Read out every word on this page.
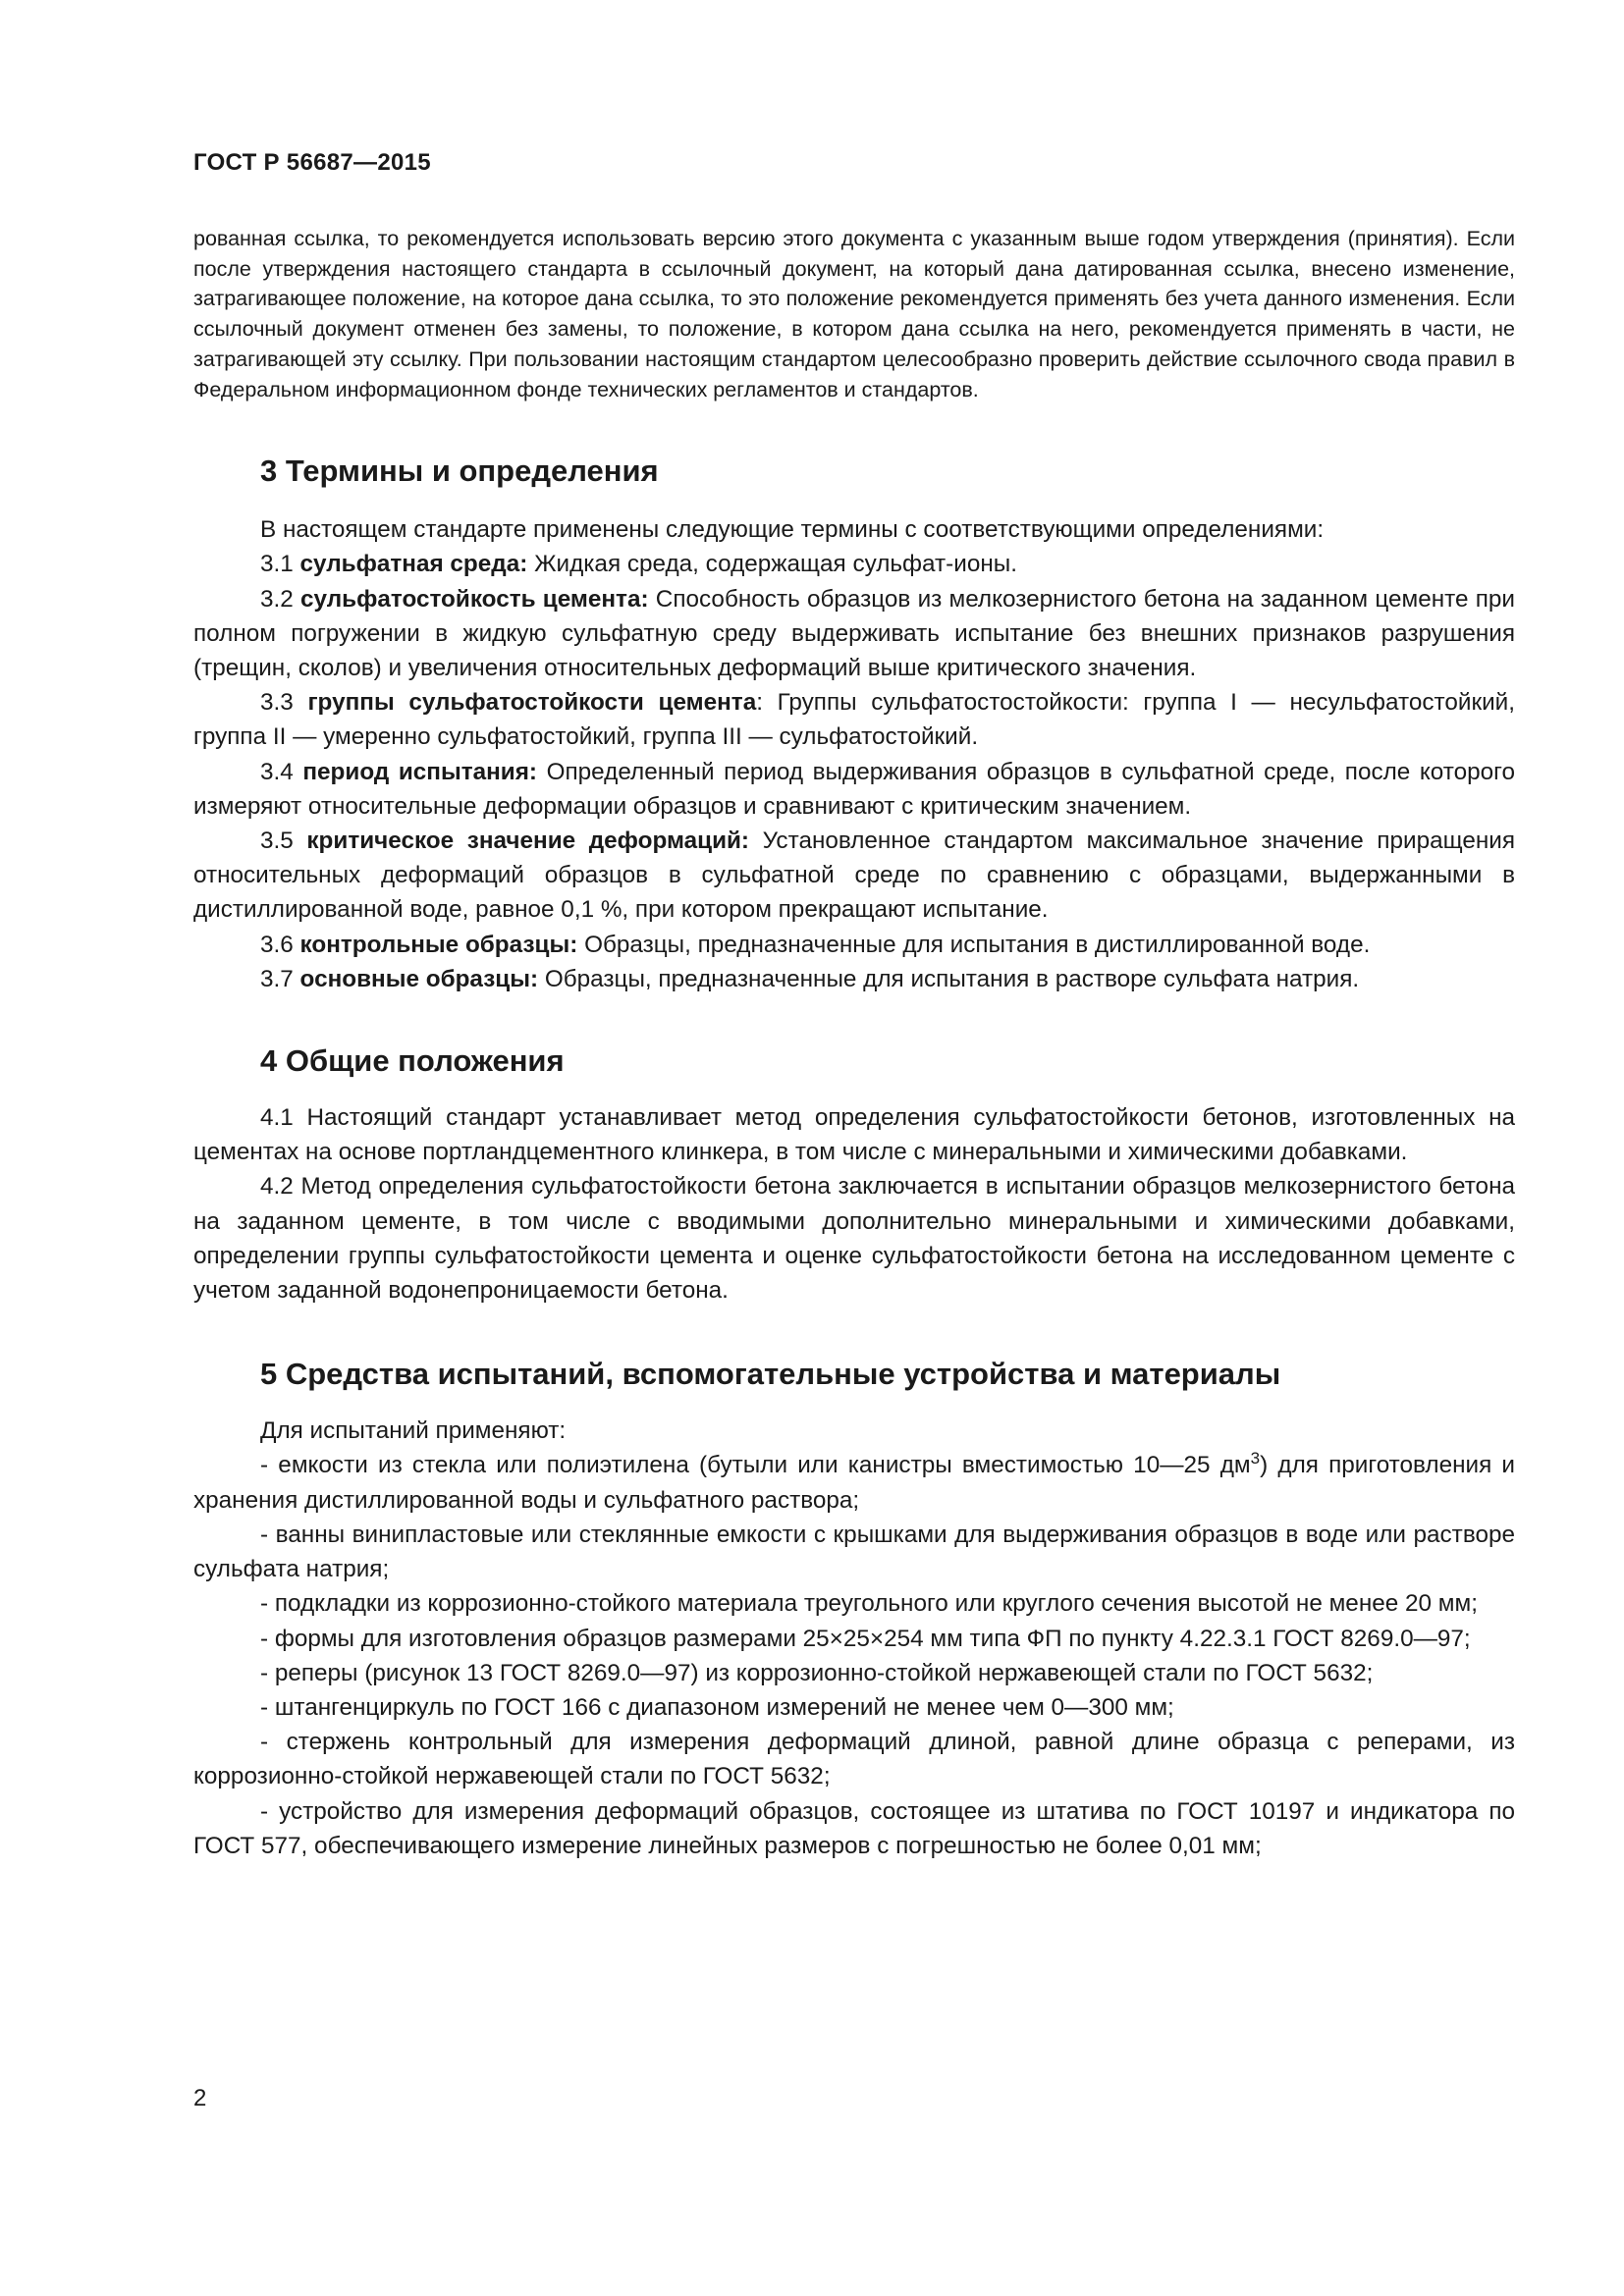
ГОСТ Р 56687—2015

рованная ссылка, то рекомендуется использовать версию этого документа с указанным выше годом утверждения (принятия). Если после утверждения настоящего стандарта в ссылочный документ, на который дана датированная ссылка, внесено изменение, затрагивающее положение, на которое дана ссылка, то это положение рекомендуется применять без учета данного изменения. Если ссылочный документ отменен без замены, то положение, в котором дана ссылка на него, рекомендуется применять в части, не затрагивающей эту ссылку. При пользовании настоящим стандартом целесообразно проверить действие ссылочного свода правил в Федеральном информационном фонде технических регламентов и стандартов.

3 Термины и определения

В настоящем стандарте применены следующие термины с соответствующими определениями:

3.1 сульфатная среда: Жидкая среда, содержащая сульфат-ионы.

3.2 сульфатостойкость цемента: Способность образцов из мелкозернистого бетона на заданном цементе при полном погружении в жидкую сульфатную среду выдерживать испытание без внешних признаков разрушения (трещин, сколов) и увеличения относительных деформаций выше критического значения.

3.3 группы сульфатостойкости цемента: Группы сульфатостостойкости: группа I — несульфатостойкий, группа II — умеренно сульфатостойкий, группа III — сульфатостойкий.

3.4 период испытания: Определенный период выдерживания образцов в сульфатной среде, после которого измеряют относительные деформации образцов и сравнивают с критическим значением.

3.5 критическое значение деформаций: Установленное стандартом максимальное значение приращения относительных деформаций образцов в сульфатной среде по сравнению с образцами, выдержанными в дистиллированной воде, равное 0,1 %, при котором прекращают испытание.

3.6 контрольные образцы: Образцы, предназначенные для испытания в дистиллированной воде.

3.7 основные образцы: Образцы, предназначенные для испытания в растворе сульфата натрия.

4 Общие положения

4.1 Настоящий стандарт устанавливает метод определения сульфатостойкости бетонов, изготовленных на цементах на основе портландцементного клинкера, в том числе с минеральными и химическими добавками.

4.2 Метод определения сульфатостойкости бетона заключается в испытании образцов мелкозернистого бетона на заданном цементе, в том числе с вводимыми дополнительно минеральными и химическими добавками, определении группы сульфатостойкости цемента и оценке сульфатостойкости бетона на исследованном цементе с учетом заданной водонепроницаемости бетона.

5 Средства испытаний, вспомогательные устройства и материалы

Для испытаний применяют:

- емкости из стекла или полиэтилена (бутыли или канистры вместимостью 10—25 $дм^3$) для приготовления и хранения дистиллированной воды и сульфатного раствора;

- ванны винипластовые или стеклянные емкости с крышками для выдерживания образцов в воде или растворе сульфата натрия;

- подкладки из коррозионно-стойкого материала треугольного или круглого сечения высотой не менее 20 мм;

- формы для изготовления образцов размерами 25×25×254 мм типа ФП по пункту 4.22.3.1 ГОСТ 8269.0—97;

- реперы (рисунок 13 ГОСТ 8269.0—97) из коррозионно-стойкой нержавеющей стали по ГОСТ 5632;

- штангенциркуль по ГОСТ 166 с диапазоном измерений не менее чем 0—300 мм;

- стержень контрольный для измерения деформаций длиной, равной длине образца с реперами, из коррозионно-стойкой нержавеющей стали по ГОСТ 5632;

- устройство для измерения деформаций образцов, состоящее из штатива по ГОСТ 10197 и индикатора по ГОСТ 577, обеспечивающего измерение линейных размеров с погрешностью не более 0,01 мм;

2
